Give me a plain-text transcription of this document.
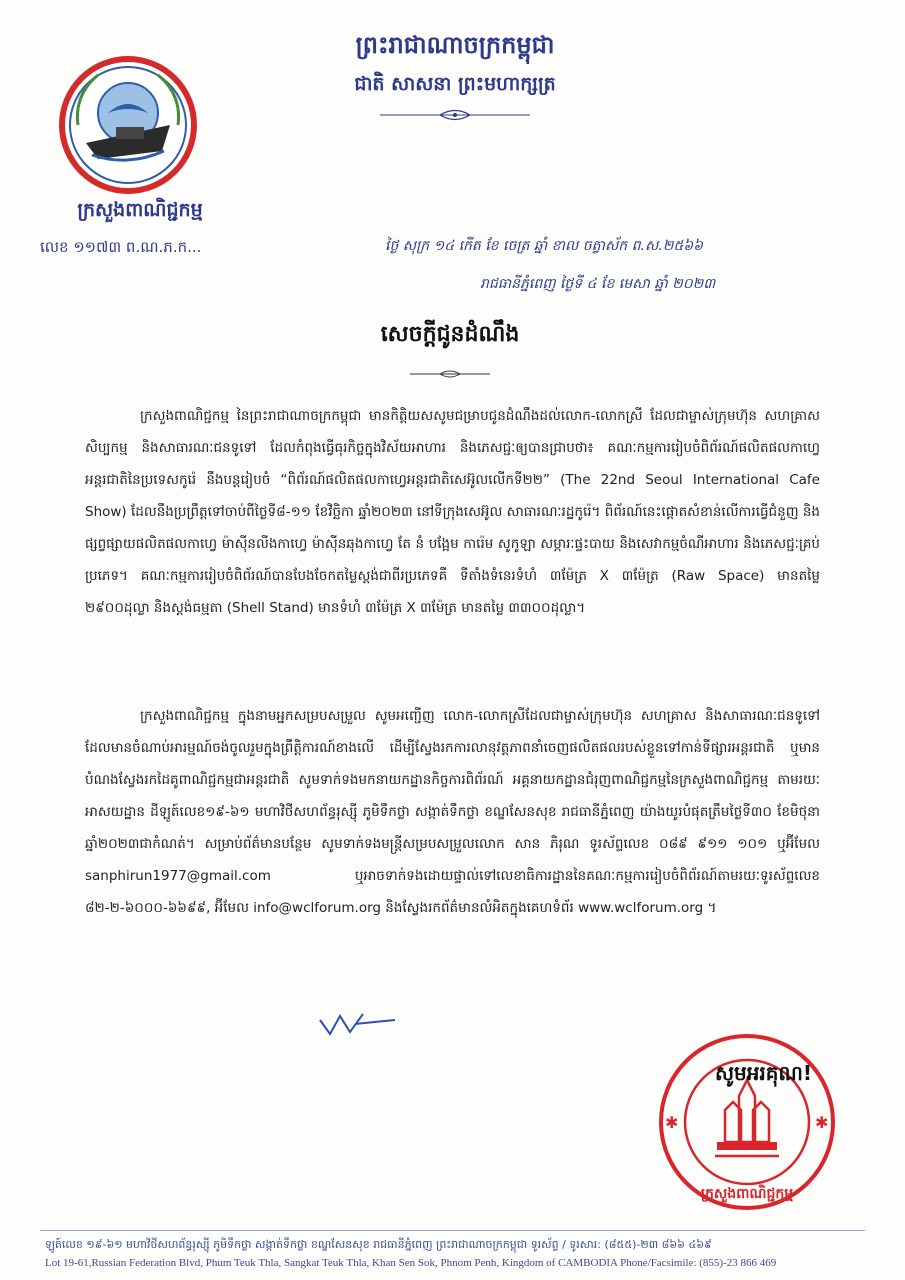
ព្រះរាជាណាចក្រកម្ពុជា
ជាតិ សាសនា ព្រះមហាក្សត្រ
ក្រសួងពាណិជ្ជកម្ម
លេខ ១១៧៣ ព.ណ.ភ.ក...	ថ្ងៃ សុក្រ ១៤ កើត ខែ ចេត្រ ឆ្នាំ ខាល ចត្វាស័ក ព.ស.២៥៦៦
រាជធានីភ្នំពេញ ថ្ងៃទី ៤ ខែ មេសា ឆ្នាំ ២០២៣
សេចក្តីជូនដំណឹង
ក្រសួងពាណិជ្ជកម្ម នៃព្រះរាជាណាចក្រកម្ពុជា មានកិត្តិយសសូមជម្រាបជូនដំណឹងដល់លោក-លោកស្រី ដែលជាម្ចាស់ក្រុមហ៊ុន សហគ្រាស សិប្បកម្ម និងសាធារណៈជនទូទៅ ដែលកំពុងធ្វើធុរកិច្ចក្នុងវិស័យអាហារ និងភេសជ្ជៈឲ្យបានជ្រាបថា៖ គណៈកម្មការរៀបចំពិព័រណ៍ផលិតផលកាហ្វេអន្តរជាតិនៃប្រទេសកូរ៉េ នឹងបន្តរៀបចំ “ពិព័រណ៍ផលិតផលកាហ្វេអន្តរជាតិសេអ៊ូលលើកទី២២” (The 22nd Seoul International Cafe Show) ដែលនឹងប្រព្រឹត្តទៅចាប់ពីថ្ងៃទី៨-១១ ខែវិច្ឆិកា ឆ្នាំ២០២៣ នៅទីក្រុងសេអ៊ូល សាធារណៈរដ្ឋកូរ៉េ។ ពិព័រណ៍នេះផ្តោតសំខាន់លើការធ្វើជំនួញ និងផ្សព្វផ្សាយផលិតផលកាហ្វេ ម៉ាស៊ីនលីងកាហ្វេ ម៉ាស៊ីនឆុងកាហ្វេ តែ នំ បង្អែម ការ៉េម សូកូឡា សម្ភារៈផ្ទះបាយ និងសេវាកម្មចំណីអាហារ និងភេសជ្ជៈគ្រប់ប្រភេទ។ គណៈកម្មការរៀបចំពិព័រណ៍បានបែងចែកតម្លៃស្តង់ជាពីរប្រភេទគឺ ទីតាំងទំនេរទំហំ ៣ម៉ែត្រ X ៣ម៉ែត្រ (Raw Space) មានតម្លៃ ២៩០០ដុល្លា និងស្តង់ធម្មតា (Shell Stand) មានទំហំ ៣ម៉ែត្រ X ៣ម៉ែត្រ មានតម្លៃ ៣៣០០ដុល្លា។
ក្រសួងពាណិជ្ជកម្ម ក្នុងនាមអ្នកសម្របសម្រួល សូមអញ្ជើញ លោក-លោកស្រីដែលជាម្ចាស់ក្រុមហ៊ុន សហគ្រាស និងសាធារណៈជនទូទៅដែលមានចំណាប់អារម្មណ៍ចង់ចូលរួមក្នុងព្រឹត្តិការណ៍ខាងលើ ដើម្បីស្វែងរកការលានុវត្តភាពនាំចេញផលិតផលរបស់ខ្លួនទៅកាន់ទីផ្សារអន្តរជាតិ ឬមានបំណងស្វែងរកដៃគូពាណិជ្ជកម្មជាអន្តរជាតិ សូមទាក់ទងមកនាយកដ្ឋានកិច្ចការពិព័រណ៍ អគ្គនាយកដ្ឋានជំរុញពាណិជ្ជកម្មនៃក្រសួងពាណិជ្ជកម្ម តាមរយៈអាសយដ្ឋាន ដីឡូត៍លេខ១៩-៦១ មហាវិថីសហព័ន្ធរុស្ស៊ី ភូមិទឹកថ្លា សង្កាត់ទឹកថ្លា ខណ្ឌសែនសុខ រាជធានីភ្នំពេញ យ៉ាងយូរបំផុតត្រឹមថ្ងៃទី៣០ ខែមិថុនា ឆ្នាំ២០២៣ជាកំណត់។ សម្រាប់ព័ត៌មានបន្ថែម សូមទាក់ទងមន្ត្រីសម្របសម្រួលលោក សាន ភិរុណ ទូរស័ព្ទលេខ ០៨៩ ៩១១ ១០១ ឬអ៊ីមែល sanphirun1977@gmail.com ឬអាចទាក់ទងដោយផ្ទាល់ទៅលេខាធិការដ្ឋាននៃគណៈកម្មការរៀបចំពិព័រណ៍តាមរយៈទូរស័ព្ទលេខ ៨២-២-៦០០០-៦៦៩៩, អ៊ីមែល info@wclforum.org និងស្វែងរកព័ត៌មានលំអិតក្នុងគេហទំព័រ www.wclforum.org ។
✱	✱
ក្រសួងពាណិជ្ជកម្ម
សូមអរគុណ!
ឡូត៍លេខ ១៩-៦១ មហាវិថីសហព័ន្ធរុស្ស៊ី ភូមិទឹកថ្លា សង្កាត់ទឹកថ្លា ខណ្ឌសែនសុខ រាជធានីភ្នំពេញ ព្រះរាជាណាចក្រកម្ពុជា ទូរស័ព្ទ / ទូរសារ: (៨៥៥)-២៣ ៨៦៦ ៤៦៩
Lot 19-61,Russian Federation Blvd, Phum Teuk Thla, Sangkat Teuk Thla, Khan Sen Sok, Phnom Penh, Kingdom of CAMBODIA Phone/Facsimile: (855)-23 866 469
